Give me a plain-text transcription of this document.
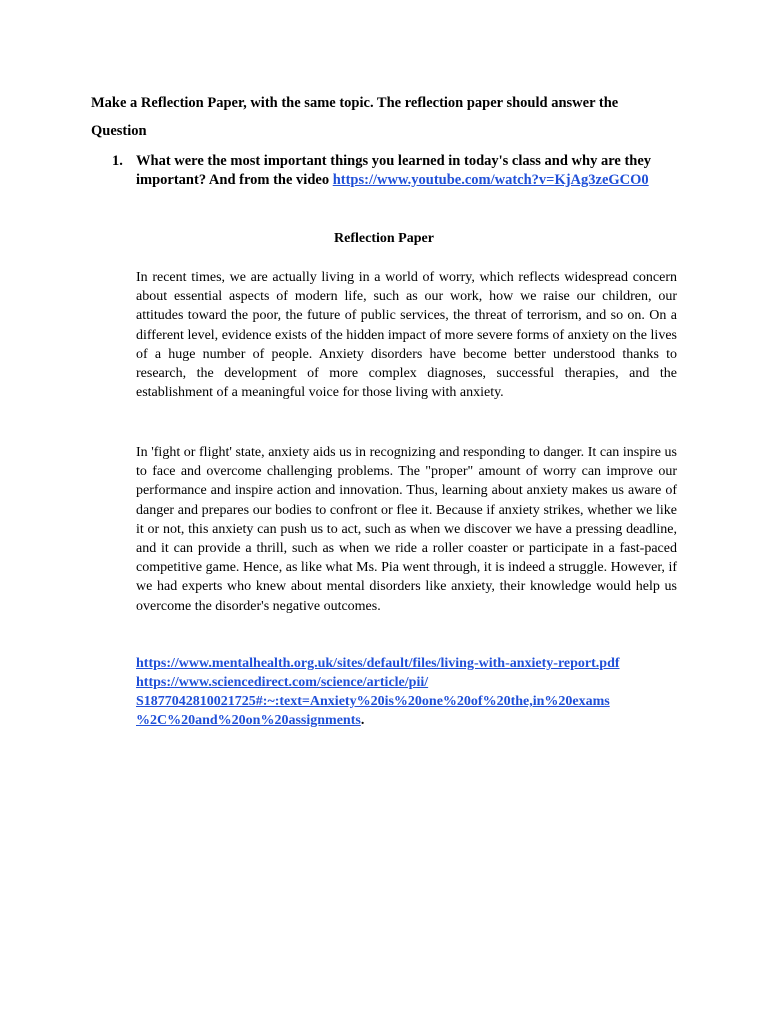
Make a Reflection Paper, with the same topic. The reflection paper should answer the

Question

1. What were the most important things you learned in today's class and why are they important? And from the video https://www.youtube.com/watch?v=KjAg3zeGCO0
Reflection Paper
In recent times, we are actually living in a world of worry, which reflects widespread concern about essential aspects of modern life, such as our work, how we raise our children, our attitudes toward the poor, the future of public services, the threat of terrorism, and so on. On a different level, evidence exists of the hidden impact of more severe forms of anxiety on the lives of a huge number of people. Anxiety disorders have become better understood thanks to research, the development of more complex diagnoses, successful therapies, and the establishment of a meaningful voice for those living with anxiety.
In 'fight or flight' state, anxiety aids us in recognizing and responding to danger. It can inspire us to face and overcome challenging problems. The "proper" amount of worry can improve our performance and inspire action and innovation. Thus, learning about anxiety makes us aware of danger and prepares our bodies to confront or flee it. Because if anxiety strikes, whether we like it or not, this anxiety can push us to act, such as when we discover we have a pressing deadline, and it can provide a thrill, such as when we ride a roller coaster or participate in a fast-paced competitive game. Hence, as like what Ms. Pia went through, it is indeed a struggle. However, if we had experts who knew about mental disorders like anxiety, their knowledge would help us overcome the disorder's negative outcomes.
https://www.mentalhealth.org.uk/sites/default/files/living-with-anxiety-report.pdf
https://www.sciencedirect.com/science/article/pii/
S1877042810021725#:~:text=Anxiety%20is%20one%20of%20the,in%20exams
%2C%20and%20on%20assignments.
